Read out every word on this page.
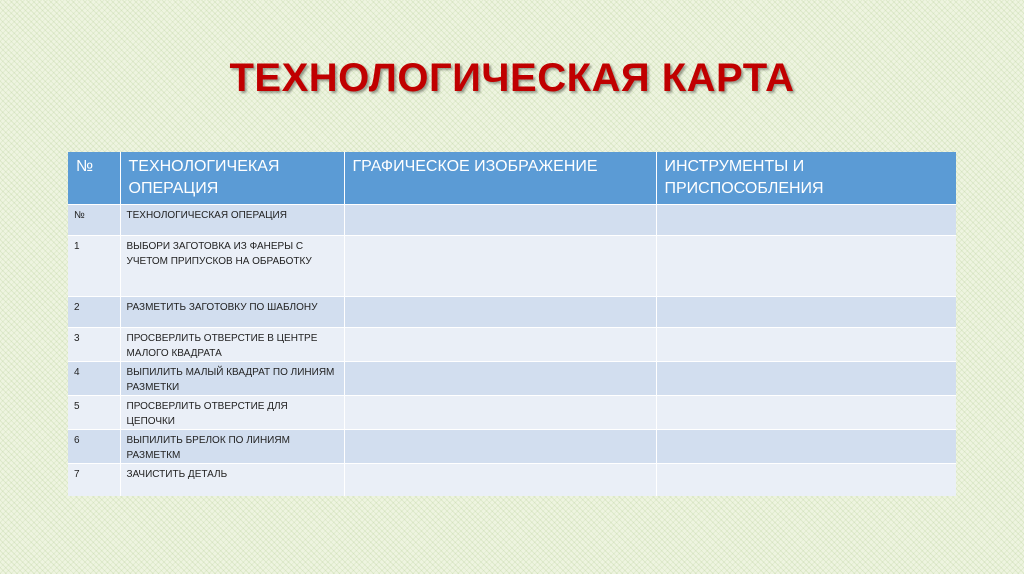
ТЕХНОЛОГИЧЕСКАЯ КАРТА
№	ТЕХНОЛОГИЧЕКАЯ ОПЕРАЦИЯ	ГРАФИЧЕСКОЕ ИЗОБРАЖЕНИЕ	ИНСТРУМЕНТЫ И ПРИСПОСОБЛЕНИЯ
№	ТЕХНОЛОГИЧЕСКАЯ ОПЕРАЦИЯ		
1	ВЫБОРИ ЗАГОТОВКА ИЗ ФАНЕРЫ С УЧЕТОМ ПРИПУСКОВ НА ОБРАБОТКУ		
2	РАЗМЕТИТЬ ЗАГОТОВКУ ПО ШАБЛОНУ		
3	ПРОСВЕРЛИТЬ ОТВЕРСТИЕ В ЦЕНТРЕ МАЛОГО КВАДРАТА		
4	ВЫПИЛИТЬ МАЛЫЙ КВАДРАТ ПО ЛИНИЯМ РАЗМЕТКИ		
5	ПРОСВЕРЛИТЬ ОТВЕРСТИЕ ДЛЯ ЦЕПОЧКИ		
6	ВЫПИЛИТЬ БРЕЛОК ПО ЛИНИЯМ РАЗМЕТКМ		
7	ЗАЧИСТИТЬ ДЕТАЛЬ		
